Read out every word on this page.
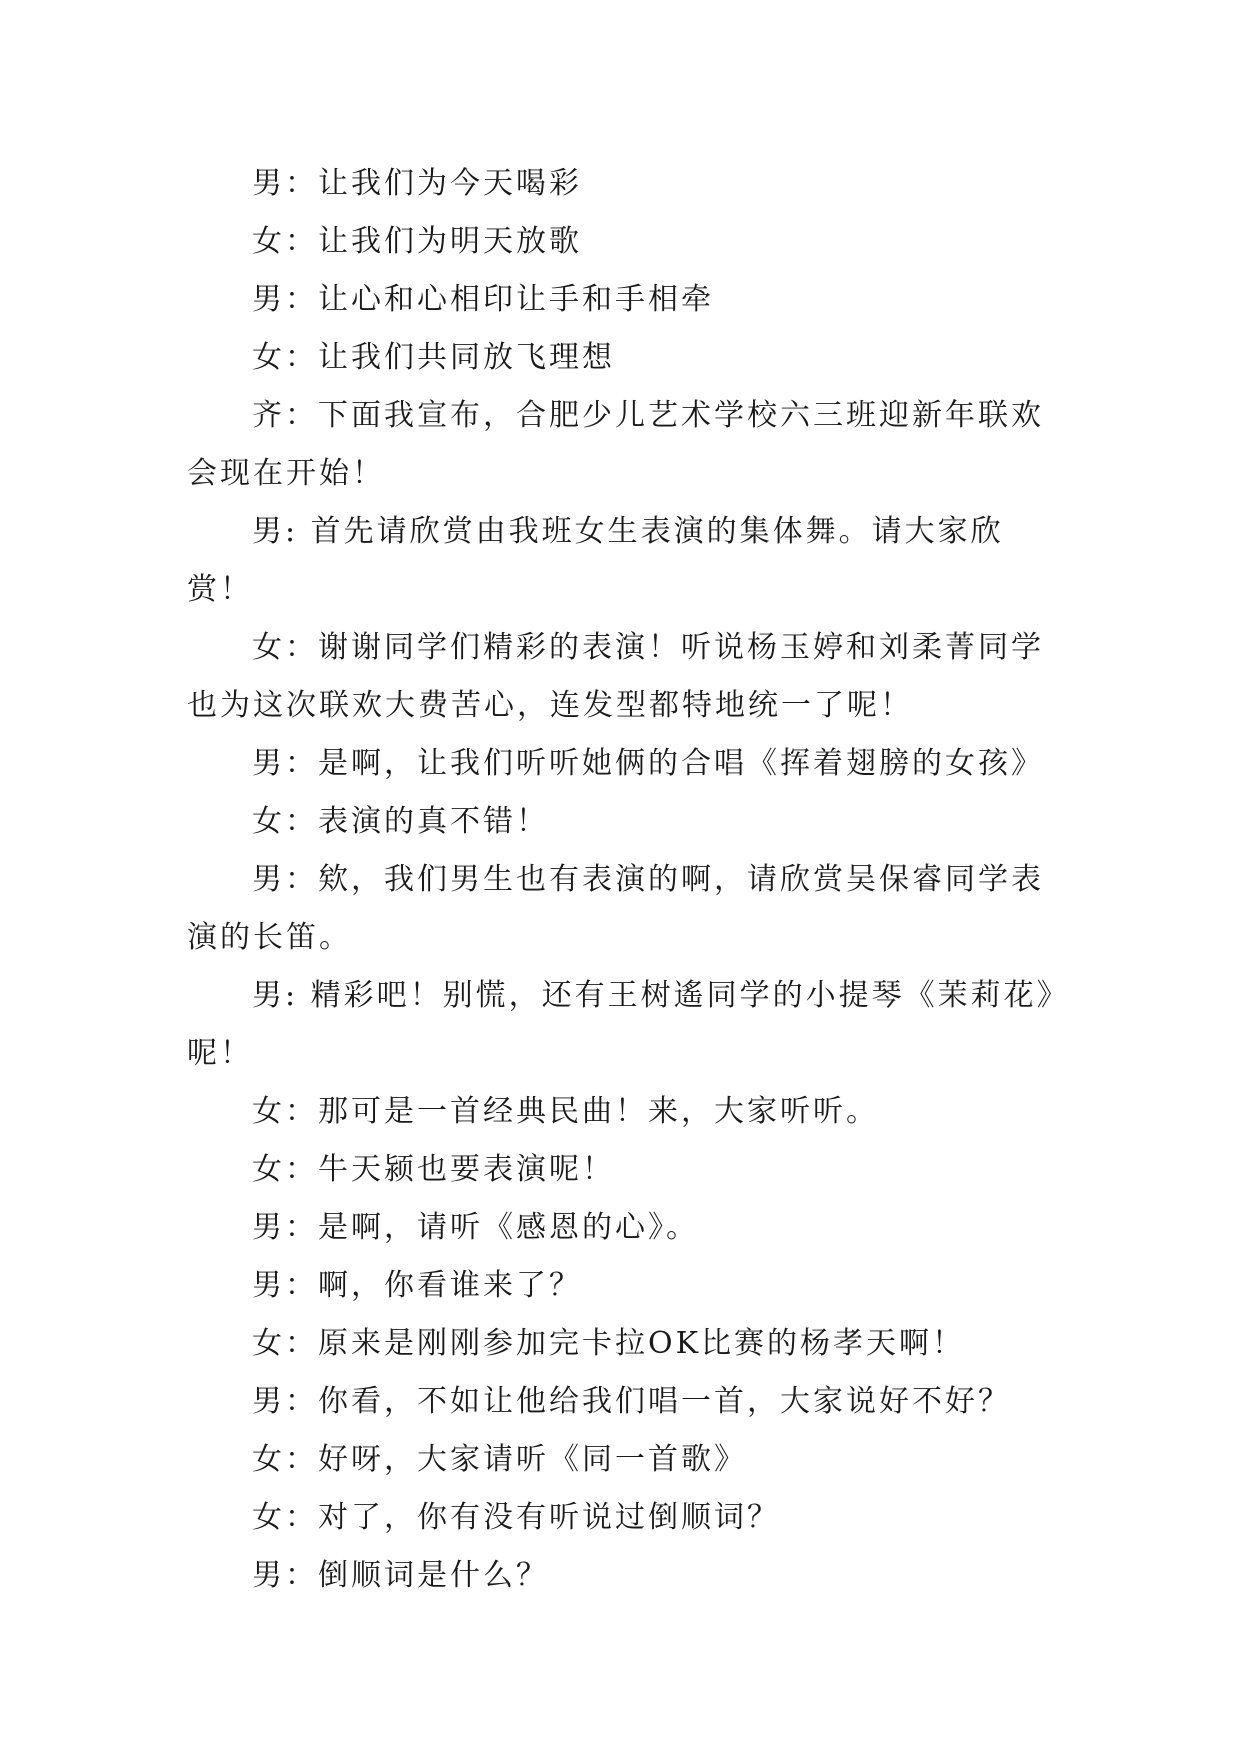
男：让我们为今天喝彩

女：让我们为明天放歌

男：让心和心相印让手和手相牵

女：让我们共同放飞理想

齐：下面我宣布，合肥少儿艺术学校六三班迎新年联欢会现在开始！

男: 首先请欣赏由我班女生表演的集体舞。请大家欣赏！

女：谢谢同学们精彩的表演！听说杨玉婷和刘柔菁同学也为这次联欢大费苦心，连发型都特地统一了呢！

男：是啊，让我们听听她俩的合唱《挥着翅膀的女孩》

女：表演的真不错！

男：欸，我们男生也有表演的啊，请欣赏吴保睿同学表演的长笛。

男: 精彩吧！别慌，还有王树遙同学的小提琴《茉莉花》呢！

女：那可是一首经典民曲！来，大家听听。

女：牛天颍也要表演呢！

男：是啊，请听《感恩的心》。

男：啊，你看谁来了？

女：原来是刚刚参加完卡拉OK比赛的杨孝天啊！

男：你看，不如让他给我们唱一首，大家说好不好？

女：好呀，大家请听《同一首歌》

女：对了，你有没有听说过倒顺词？

男：倒顺词是什么？
